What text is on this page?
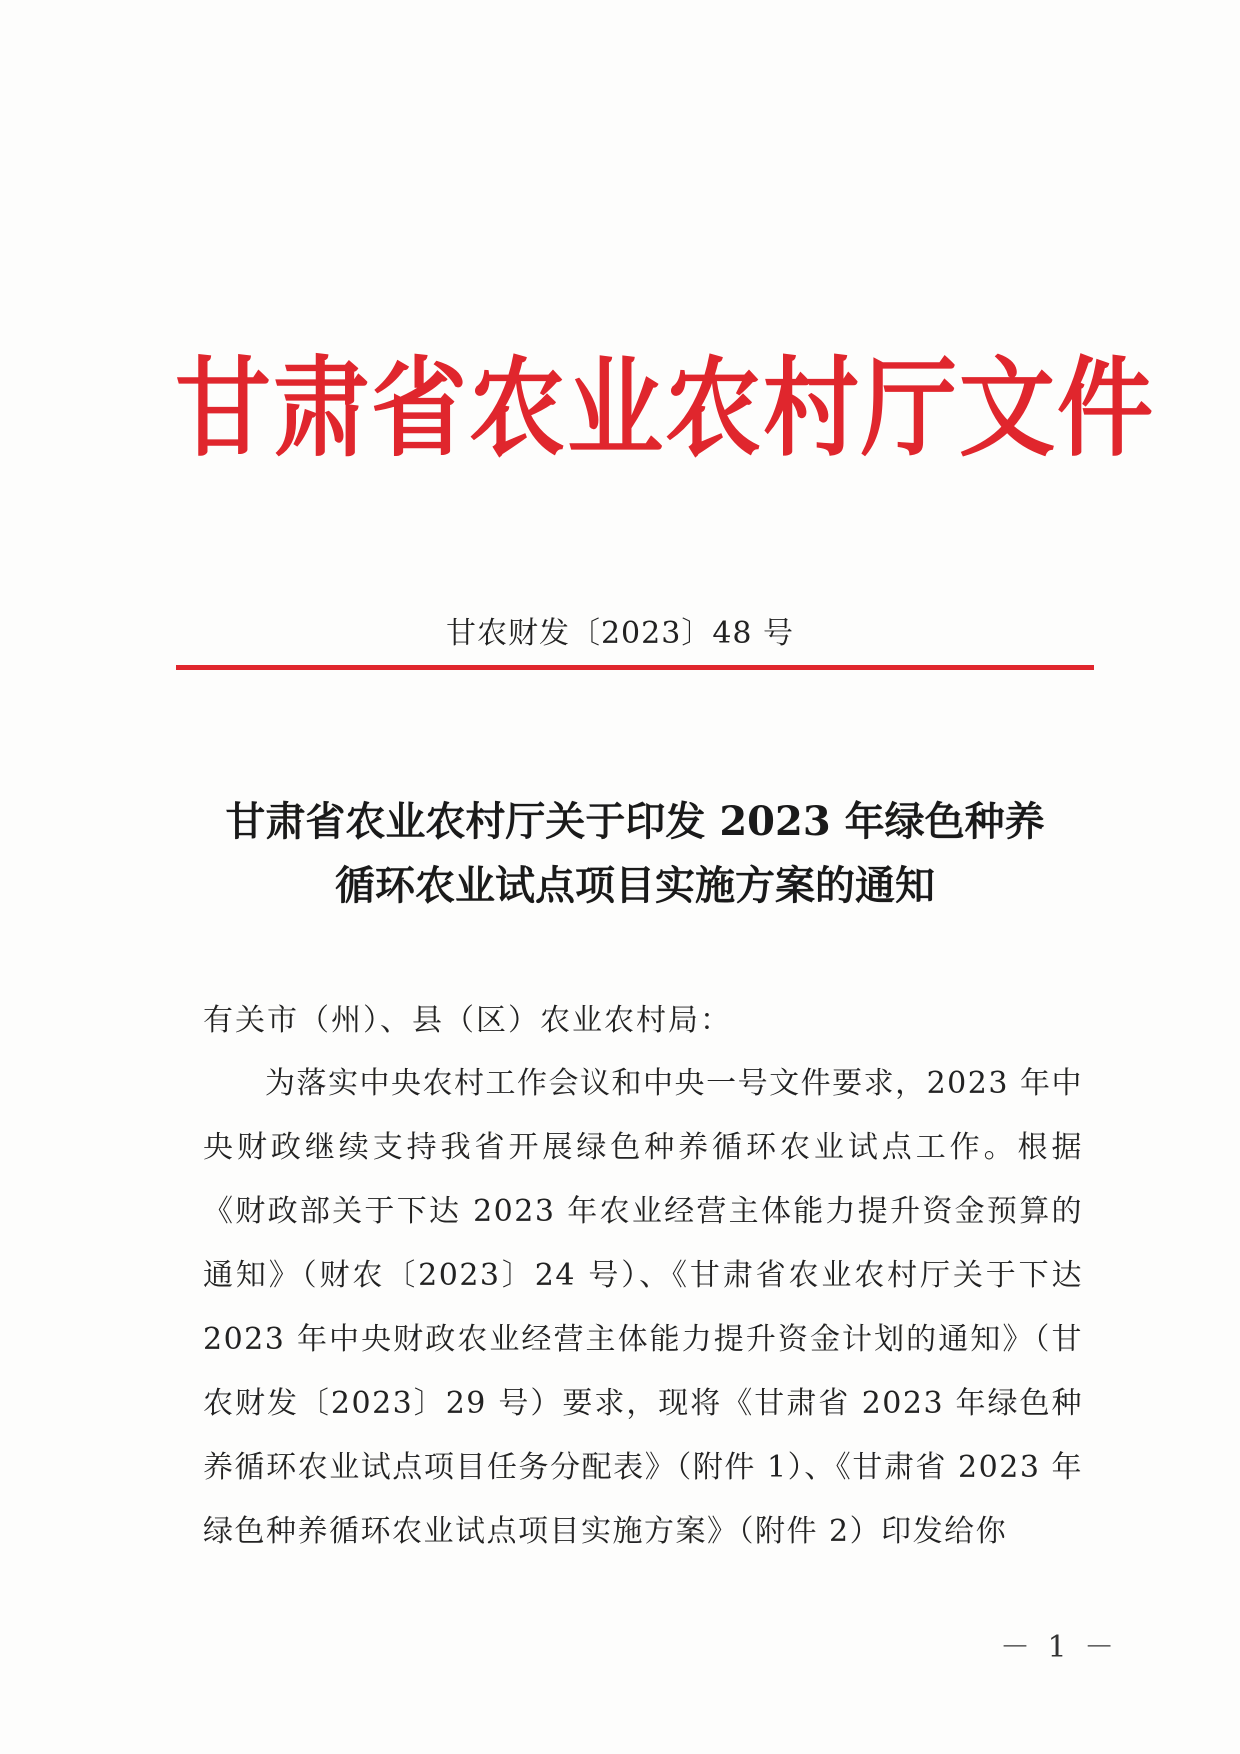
甘肃省农业农村厅文件
甘农财发〔2023〕48 号
甘肃省农业农村厅关于印发 2023 年绿色种养
循环农业试点项目实施方案的通知
有关市（州）、县（区）农业农村局：

为落实中央农村工作会议和中央一号文件要求，2023 年中央财政继续支持我省开展绿色种养循环农业试点工作。根据《财政部关于下达 2023 年农业经营主体能力提升资金预算的通知》（财农〔2023〕24 号）、《甘肃省农业农村厅关于下达 2023 年中央财政农业经营主体能力提升资金计划的通知》（甘农财发〔2023〕29 号）要求，现将《甘肃省 2023 年绿色种养循环农业试点项目任务分配表》（附件 1）、《甘肃省 2023 年绿色种养循环农业试点项目实施方案》（附件 2）印发给你

－ 1 －
